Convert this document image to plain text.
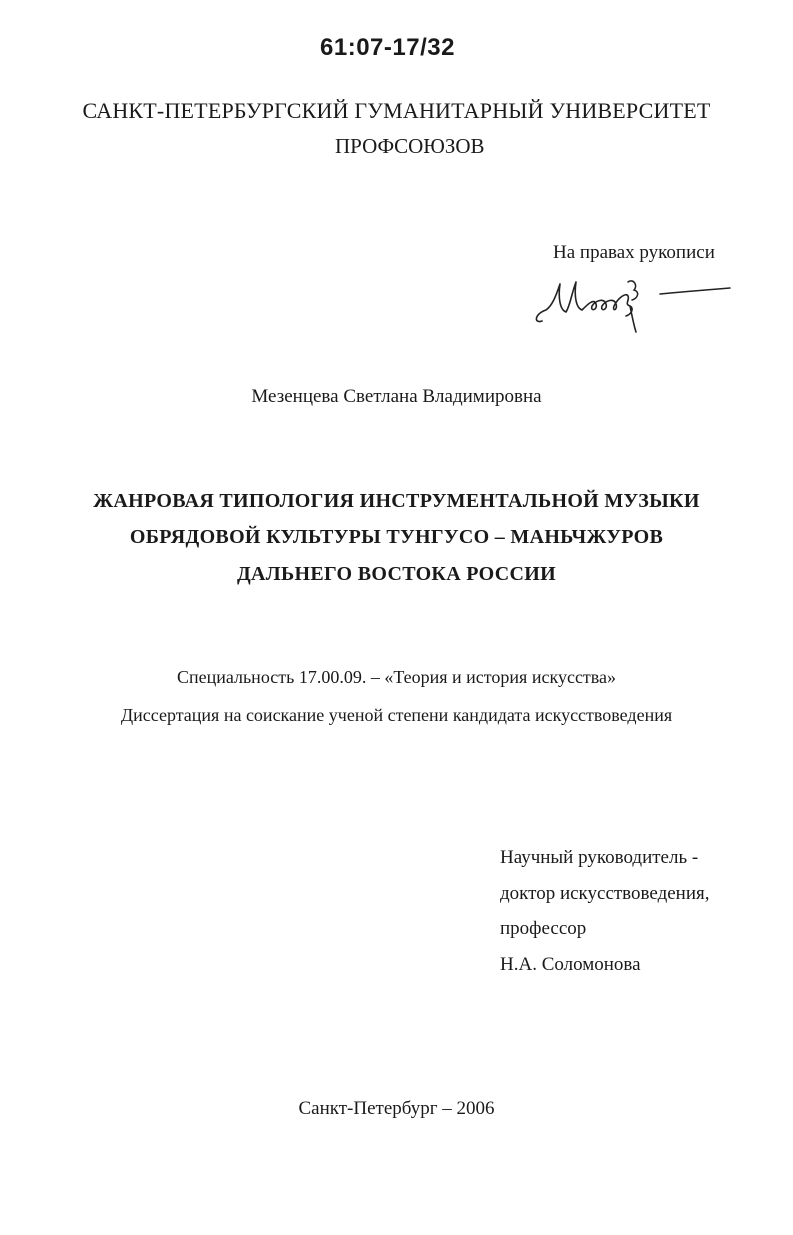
61:07-17/32
САНКТ-ПЕТЕРБУРГСКИЙ ГУМАНИТАРНЫЙ УНИВЕРСИТЕТ
ПРОФСОЮЗОВ
На правах рукописи
Мезенцева Светлана Владимировна
ЖАНРОВАЯ ТИПОЛОГИЯ ИНСТРУМЕНТАЛЬНОЙ МУЗЫКИ
ОБРЯДОВОЙ КУЛЬТУРЫ ТУНГУСО – МАНЬЧЖУРОВ
ДАЛЬНЕГО ВОСТОКА РОССИИ
Специальность 17.00.09. – «Теория и история искусства»
Диссертация на соискание ученой степени кандидата искусствоведения
Научный руководитель -
доктор искусствоведения,
профессор
Н.А. Соломонова
Санкт-Петербург – 2006
